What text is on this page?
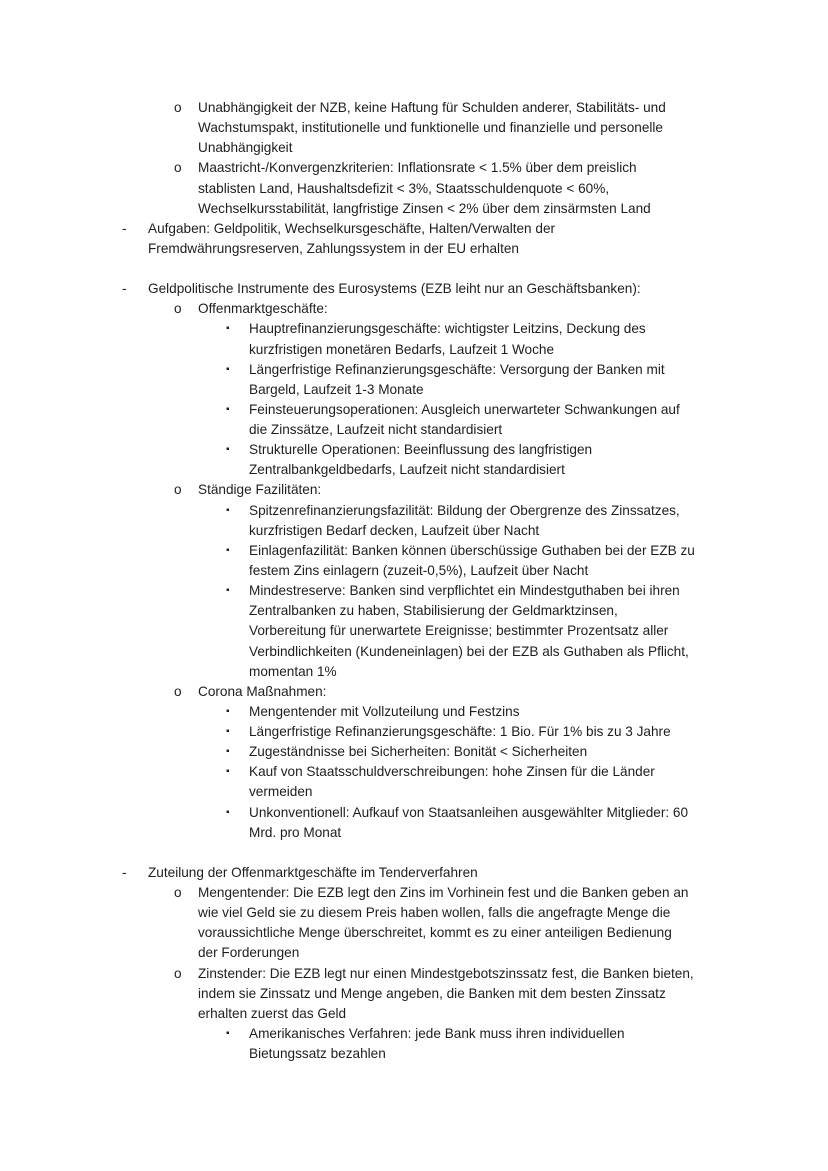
o Unabhängigkeit der NZB, keine Haftung für Schulden anderer, Stabilitäts- und
Wachstumspakt, institutionelle und funktionelle und finanzielle und personelle
Unabhängigkeit
o Maastricht-/Konvergenzkriterien: Inflationsrate < 1.5% über dem preislich
stablisten Land, Haushaltsdefizit < 3%, Staatsschuldenquote < 60%,
Wechselkursstabilität, langfristige Zinsen < 2% über dem zinsärmsten Land
- Aufgaben: Geldpolitik, Wechselkursgeschäfte, Halten/Verwalten der
Fremdwährungsreserven, Zahlungssystem in der EU erhalten
- Geldpolitische Instrumente des Eurosystems (EZB leiht nur an Geschäftsbanken):
o Offenmarktgeschäfte:
▪ Hauptrefinanzierungsgeschäfte: wichtigster Leitzins, Deckung des
kurzfristigen monetären Bedarfs, Laufzeit 1 Woche
▪ Längerfristige Refinanzierungsgeschäfte: Versorgung der Banken mit
Bargeld, Laufzeit 1-3 Monate
▪ Feinsteuerungsoperationen: Ausgleich unerwarteter Schwankungen auf
die Zinssätze, Laufzeit nicht standardisiert
▪ Strukturelle Operationen: Beeinflussung des langfristigen
Zentralbankgeldbedarfs, Laufzeit nicht standardisiert
o Ständige Fazilitäten:
▪ Spitzenrefinanzierungsfazilität: Bildung der Obergrenze des Zinssatzes,
kurzfristigen Bedarf decken, Laufzeit über Nacht
▪ Einlagenfazilität: Banken können überschüssige Guthaben bei der EZB zu
festem Zins einlagern (zuzeit-0,5%), Laufzeit über Nacht
▪ Mindestreserve: Banken sind verpflichtet ein Mindestguthaben bei ihren
Zentralbanken zu haben, Stabilisierung der Geldmarktzinsen,
Vorbereitung für unerwartete Ereignisse; bestimmter Prozentsatz aller
Verbindlichkeiten (Kundeneinlagen) bei der EZB als Guthaben als Pflicht,
momentan 1%
o Corona Maßnahmen:
▪ Mengentender mit Vollzuteilung und Festzins
▪ Längerfristige Refinanzierungsgeschäfte: 1 Bio. Für 1% bis zu 3 Jahre
▪ Zugeständnisse bei Sicherheiten: Bonität < Sicherheiten
▪ Kauf von Staatsschuldverschreibungen: hohe Zinsen für die Länder
vermeiden
▪ Unkonventionell: Aufkauf von Staatsanleihen ausgewählter Mitglieder: 60
Mrd. pro Monat
- Zuteilung der Offenmarktgeschäfte im Tenderverfahren
o Mengentender: Die EZB legt den Zins im Vorhinein fest und die Banken geben an
wie viel Geld sie zu diesem Preis haben wollen, falls die angefragte Menge die
voraussichtliche Menge überschreitet, kommt es zu einer anteiligen Bedienung
der Forderungen
o Zinstender: Die EZB legt nur einen Mindestgebotszinssatz fest, die Banken bieten,
indem sie Zinssatz und Menge angeben, die Banken mit dem besten Zinssatz
erhalten zuerst das Geld
▪ Amerikanisches Verfahren: jede Bank muss ihren individuellen
Bietungssatz bezahlen
